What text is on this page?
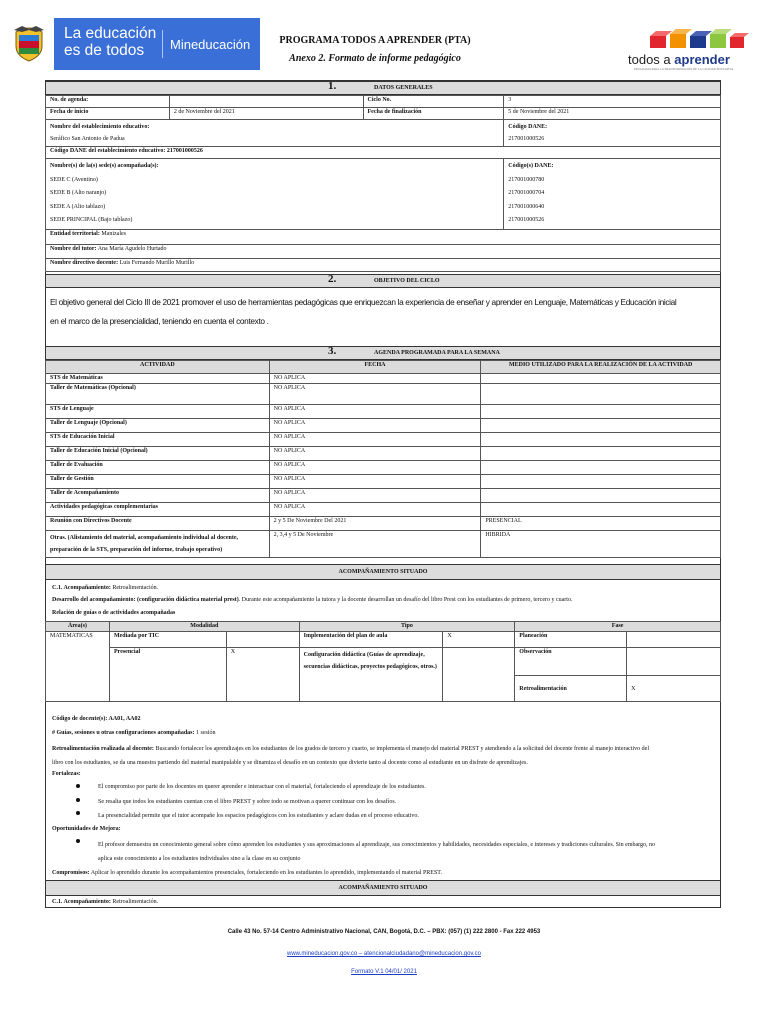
La educación
es de todos	Mineducación	PROGRAMA TODOS A APRENDER (PTA)
Anexo 2. Formato de informe pedagógico	todos a aprender
PROGRAMA PARA LA TRANSFORMACIÓN DE LA CALIDAD EDUCATIVA
1.	DATOS GENERALES
No. de agenda:		Ciclo No.	3
Fecha de inicio	2 de Noviembre del 2021	Fecha de finalización	5 de Noviembre del 2021
Nombre del establecimiento educativo:
Seráfico San Antonio de Padua			Código DANE:
217001000526
Código DANE del establecimiento educativo: 217001000526			
Nombre(s) de la(s) sede(s) acompañada(s):
SEDE C (Aventino)
SEDE B (Alto naranjo)
SEDE A (Alto tablazo)
SEDE PRINCIPAL (Bajo tablazo)			Código(s) DANE:
217001000780
217001000704
217001000640
217001000526
Entidad territorial: Manizales			
Nombre del tutor: Ana María Agudelo Hurtado			
Nombre directivo docente: Luis Fernando Murillo Murillo			
2.	OBJETIVO DEL CICLO
El objetivo general del Ciclo III de 2021 promover el uso de herramientas pedagógicas que enriquezcan la experiencia de enseñar y aprender en Lenguaje, Matemáticas y Educación inicial
en el marco de la presencialidad, teniendo en cuenta el contexto .
3.	AGENDA PROGRAMADA PARA LA SEMANA
ACTIVIDAD	FECHA	MEDIO UTILIZADO PARA LA REALIZACIÓN DE LA ACTIVIDAD
STS de Matemáticas	NO APLICA	
Taller de Matemáticas (Opcional)	NO APLICA	
STS de Lenguaje	NO APLICA	
Taller de Lenguaje (Opcional)	NO APLICA	
STS de Educación Inicial	NO APLICA	
Taller de Educación Inicial (Opcional)	NO APLICA	
Taller de Evaluación	NO APLICA	
Taller de Gestión	NO APLICA	
Taller de Acompañamiento	NO APLICA	
Actividades pedagógicas complementarias	NO APLICA	
Reunión con Directivos Docente	2 y 5 De Noviembre Del 2021	PRESENCIAL
Otras. (Alistamiento del material, acompañamiento individual al docente, preparación de la STS, preparación del informe, trabajo operativo)	2, 3,4 y 5 De Noviembre	HIBRIDA
ACOMPAÑAMIENTO SITUADO
C.1. Acompañamiento: Retroalimentación.
Desarrollo del acompañamiento: (configuración didáctica material prest). Durante este acompañamiento la tutora y la docente desarrollan un desafío del libro Prest con los estudiantes de primero, tercero y cuarto.
Relación de guías o de actividades acompañadas
Área(s)	Modalidad		Tipo		Fase	
MATEMATICAS	Mediada por TIC		Implementación del plan de aula	X	Planeación	
	Presencial	X	Configuración didáctica (Guías de aprendizaje, secuencias didácticas, proyectos pedagógicos, otros.)		Observación	
					Retroalimentación	X
Código de docente(s): AA01, AA02
# Guías, sesiones u otras configuraciones acompañadas: 1 sesión
Retroalimentación realizada al docente: Buscando fortalecer los aprendizajes en los estudiantes de los grados de tercero y cuarto, se implementa el manejo del material PREST y atendiendo a la solicitud del docente frente al manejo interactivo del
libro con los estudiantes, se da una muestra partiendo del material manipulable y se dinamiza el desafío en un contexto que divierte tanto al docente como al estudiante en un disfrute de aprendizajes.
Fortalezas:
El compromiso por parte de los docentes en querer aprender e interactuar con el material, fortaleciendo el aprendizaje de los estudiantes.
Se resalta que todos los estudiantes cuentan con el libro PREST y sobre todo se motivan a querer continuar con los desafíos.
La presencialidad permite que el tutor acompañe los espacios pedagógicos con los estudiantes y aclare dudas en el proceso educativo.
Oportunidades de Mejora:
El profesor demuestra un conocimiento general sobre cómo aprenden los estudiantes y sus aproximaciones al aprendizaje, sus conocimientos y habilidades, necesidades especiales, e intereses y tradiciones culturales. Sin embargo, no
aplica este conocimiento a los estudiantes individuales sino a la clase en su conjunto
Compromisos: Aplicar lo aprendido durante los acompañamientos presenciales, fortaleciendo en los estudiantes lo aprendido, implementando el material PREST.
ACOMPAÑAMIENTO SITUADO
C.1. Acompañamiento: Retroalimentación.
Calle 43 No. 57-14 Centro Administrativo Nacional, CAN, Bogotá, D.C. – PBX: (057) (1) 222 2800 - Fax 222 4953
www.mineducacion.gov.co – atencionalciudadano@mineducacion.gov.co
Formato V.1 04/01/ 2021
